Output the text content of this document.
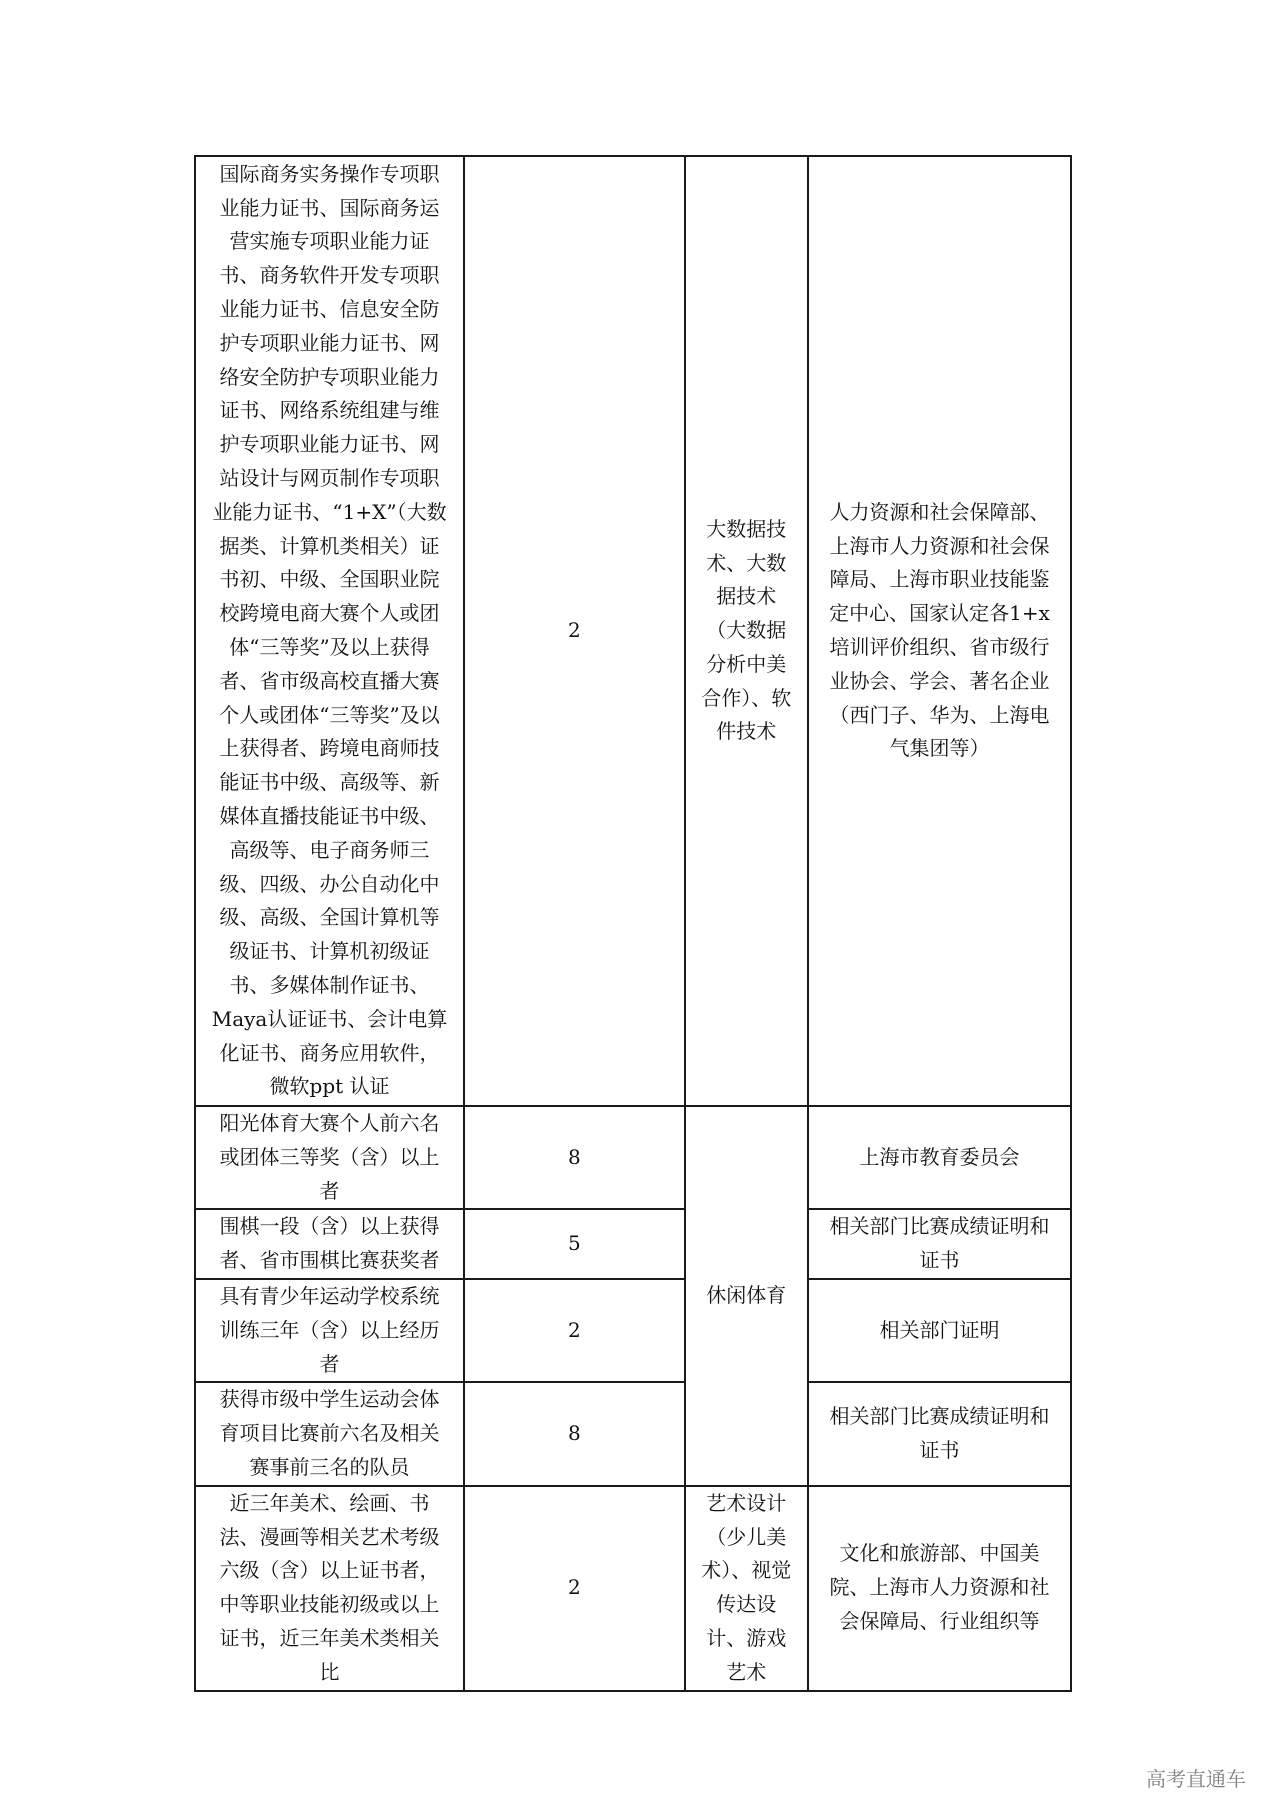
国际商务实务操作专项职业能力证书、国际商务运营实施专项职业能力证书、商务软件开发专项职业能力证书、信息安全防护专项职业能力证书、网络安全防护专项职业能力证书、网络系统组建与维护专项职业能力证书、网站设计与网页制作专项职业能力证书、“1+X”（大数据类、计算机类相关）证书初、中级、全国职业院校跨境电商大赛个人或团体“三等奖”及以上获得者、省市级高校直播大赛个人或团体“三等奖”及以上获得者、跨境电商师技能证书中级、高级等、新媒体直播技能证书中级、高级等、电子商务师三级、四级、办公自动化中级、高级、全国计算机等级证书、计算机初级证书、多媒体制作证书、Maya认证证书、会计电算化证书、商务应用软件，微软ppt 认证	2	大数据技术、大数据技术（大数据分析中美合作）、软件技术	人力资源和社会保障部、上海市人力资源和社会保障局、上海市职业技能鉴定中心、国家认定各1+x 培训评价组织、省市级行业协会、学会、著名企业（西门子、华为、上海电气集团等）
阳光体育大赛个人前六名或团体三等奖（含）以上者	8	休闲体育	上海市教育委员会
围棋一段（含）以上获得者、省市围棋比赛获奖者	5		相关部门比赛成绩证明和证书
具有青少年运动学校系统训练三年（含）以上经历者	2		相关部门证明
获得市级中学生运动会体育项目比赛前六名及相关赛事前三名的队员	8		相关部门比赛成绩证明和证书
近三年美术、绘画、书法、漫画等相关艺术考级六级（含）以上证书者，中等职业技能初级或以上证书，近三年美术类相关比	2	艺术设计（少儿美术）、视觉传达设计、游戏艺术	文化和旅游部、中国美院、上海市人力资源和社会保障局、行业组织等
高考直通车
